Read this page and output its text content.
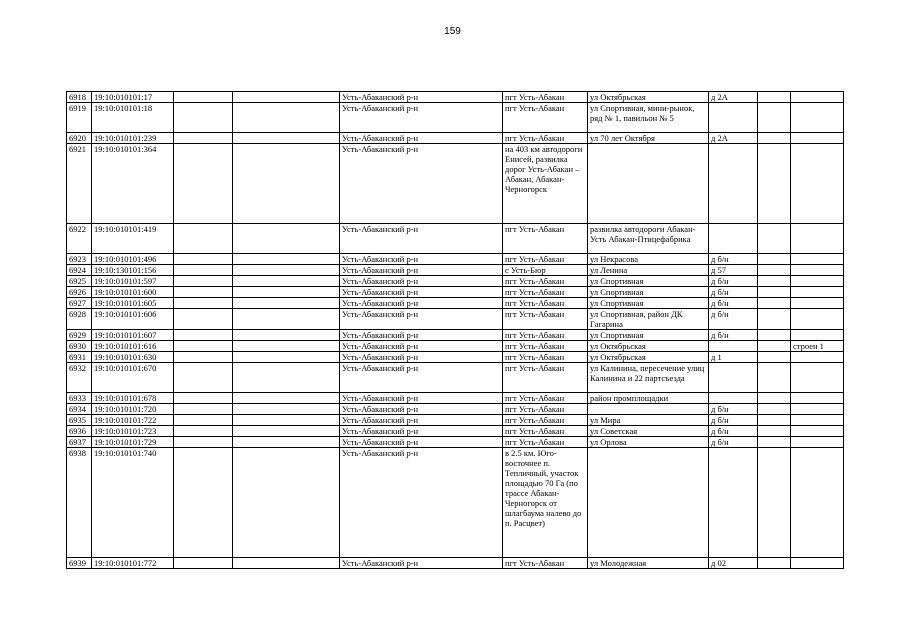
159
6918	19:10:010101:17			Усть-Абаканский р-н	пгт Усть-Абакан	ул Октябрьская	д 2А		
6919	19:10:010101:18			Усть-Абаканский р-н	пгт Усть-Абакан	ул Спортивная, мини-рынок, ряд № 1, павильон № 5			
6920	19:10:010101:239			Усть-Абаканский р-н	пгт Усть-Абакан	ул 70 лет Октября	д 2А		
6921	19:10:010101:364			Усть-Абаканский р-н	на 403 км автодороги Енисей, развилка дорог Усть-Абакан – Абакан, Абакан-Черногорск				
6922	19:10:010101:419			Усть-Абаканский р-н	пгт Усть-Абакан	развилка автодороги Абакан-Усть Абакан-Птицефабрика			
6923	19:10:010101:496			Усть-Абаканский р-н	пгт Усть-Абакан	ул Некрасова	д б/н		
6924	19:10:130101:156			Усть-Абаканский р-н	с Усть-Бюр	ул Ленина	д 57		
6925	19:10:010101:597			Усть-Абаканский р-н	пгт Усть-Абакан	ул Спортивная	д б/н		
6926	19:10:010101:600			Усть-Абаканский р-н	пгт Усть-Абакан	ул Спортивная	д б/н		
6927	19:10:010101:605			Усть-Абаканский р-н	пгт Усть-Абакан	ул Спортивная	д б/н		
6928	19:10:010101:606			Усть-Абаканский р-н	пгт Усть-Абакан	ул Спортивная, район ДК Гагарина	д б/н		
6929	19:10:010101:607			Усть-Абаканский р-н	пгт Усть-Абакан	ул Спортивная	д б/н		
6930	19:10:010101:616			Усть-Абаканский р-н	пгт Усть-Абакан	ул Октябрьская			строен 1
6931	19:10:010101:630			Усть-Абаканский р-н	пгт Усть-Абакан	ул Октябрьская	д 1		
6932	19:10:010101:670			Усть-Абаканский р-н	пгт Усть-Абакан	ул Калинина, пересечение улиц Калинина и 22 партсъезда			
6933	19:10:010101:678			Усть-Абаканский р-н	пгт Усть-Абакан	район промплощадки			
6934	19:10:010101:720			Усть-Абаканский р-н	пгт Усть-Абакан		д б/н		
6935	19:10:010101:722			Усть-Абаканский р-н	пгт Усть-Абакан	ул Мира	д б/н		
6936	19:10:010101:723			Усть-Абаканский р-н	пгт Усть-Абакан	ул Советская	д б/н		
6937	19:10:010101:729			Усть-Абаканский р-н	пгт Усть-Абакан	ул Орлова	д б/н		
6938	19:10:010101:740			Усть-Абаканский р-н	в 2.5 км. Юго-восточнее п. Тепличный, участок площадью 70 Га (по трассе Абакан-Черногорск от шлагбаума налево до п. Расцвет)				
6939	19:10:010101:772			Усть-Абаканский р-н	пгт Усть-Абакан	ул Молодежная	д 02		
